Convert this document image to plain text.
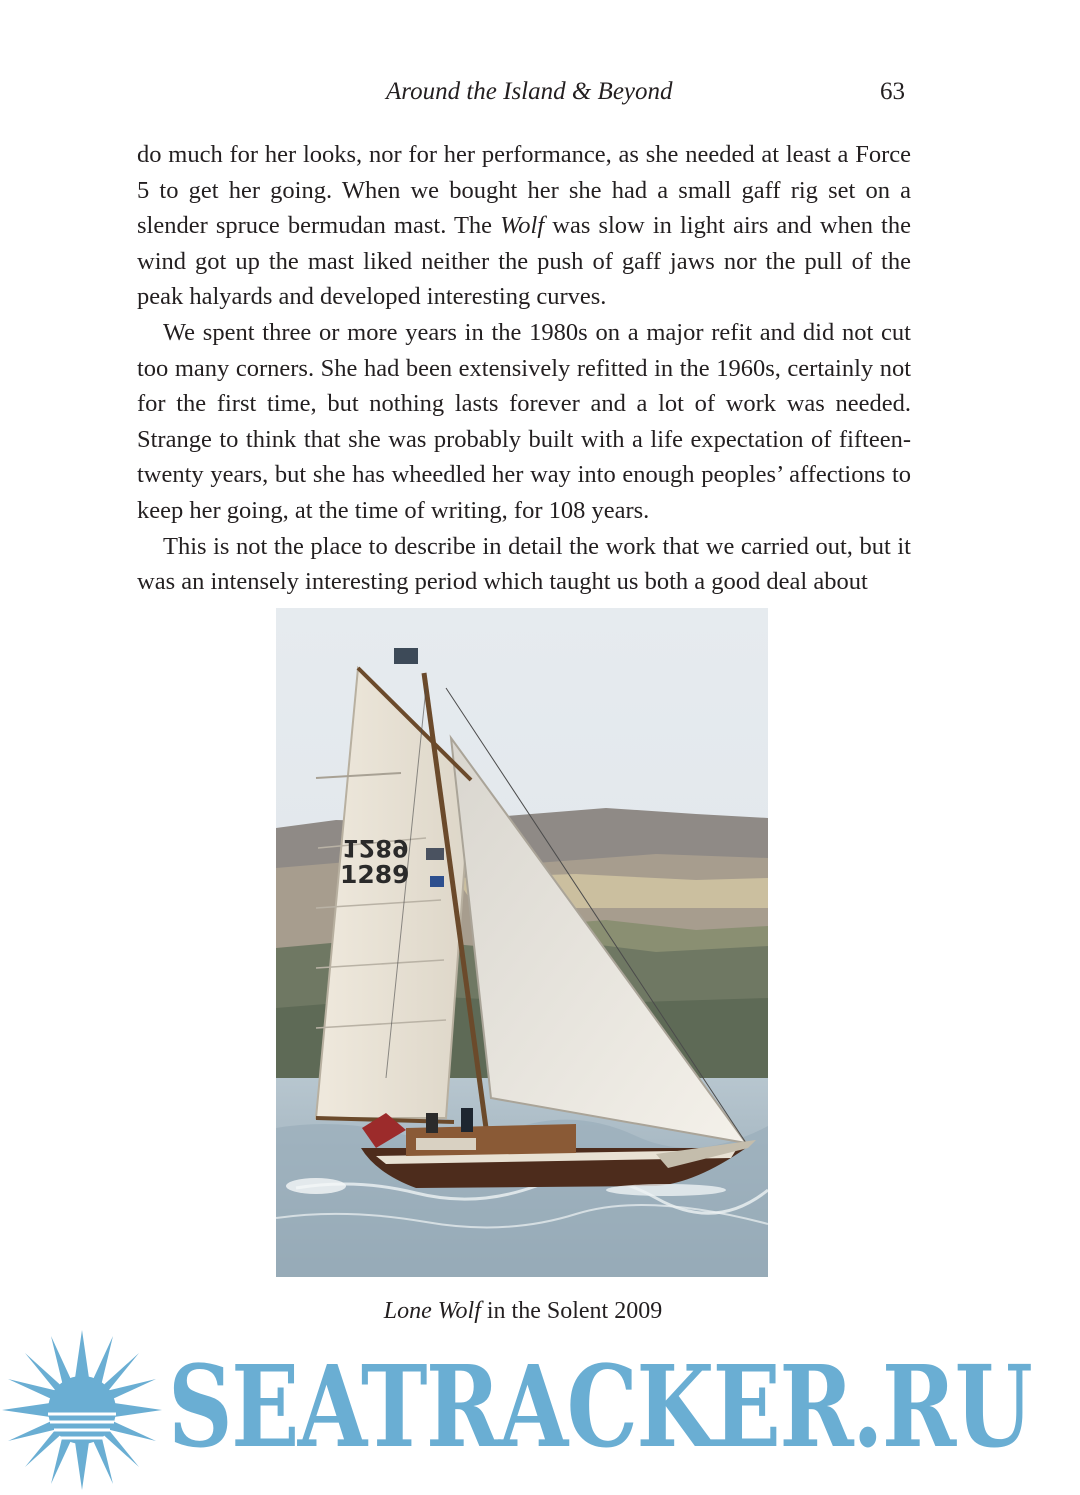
Around the Island & Beyond	63

do much for her looks, nor for her performance, as she needed at least a Force 5 to get her going. When we bought her she had a small gaff rig set on a slender spruce bermudan mast. The Wolf was slow in light airs and when the wind got up the mast liked neither the push of gaff jaws nor the pull of the peak halyards and developed interesting curves.

We spent three or more years in the 1980s on a major refit and did not cut too many corners. She had been extensively refitted in the 1960s, certainly not for the first time, but nothing lasts forever and a lot of work was needed. Strange to think that she was probably built with a life expectation of fifteen-twenty years, but she has wheedled her way into enough peoples’ affections to keep her going, at the time of writing, for 108 years.

This is not the place to describe in detail the work that we carried out, but it was an intensely interesting period which taught us both a good deal about

1289
1289
Lone Wolf in the Solent 2009
SEATRACKER.RU
